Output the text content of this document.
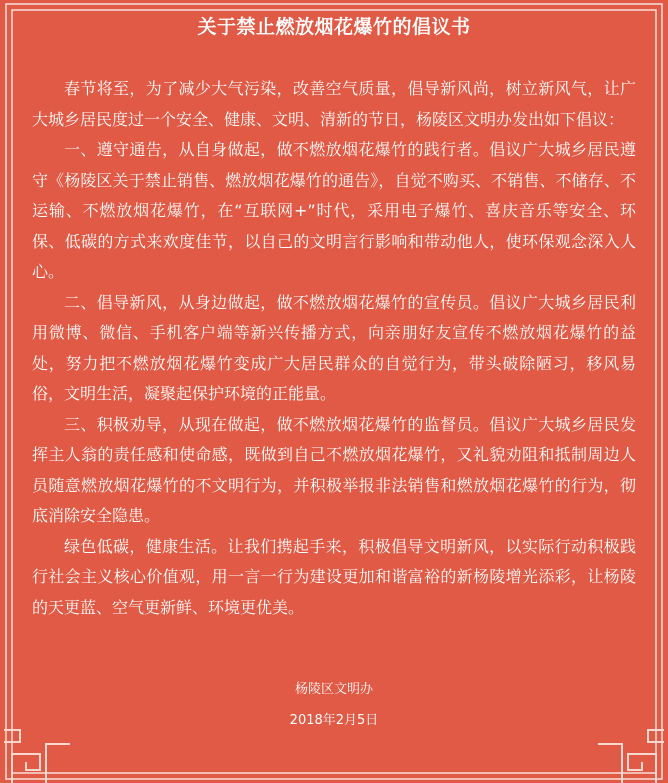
关于禁止燃放烟花爆竹的倡议书

春节将至，为了减少大气污染，改善空气质量，倡导新风尚，树立新风气，让广大城乡居民度过一个安全、健康、文明、清新的节日，杨陵区文明办发出如下倡议：

一、遵守通告，从自身做起，做不燃放烟花爆竹的践行者。倡议广大城乡居民遵守《杨陵区关于禁止销售、燃放烟花爆竹的通告》，自觉不购买、不销售、不储存、不运输、不燃放烟花爆竹，在“互联网+”时代，采用电子爆竹、喜庆音乐等安全、环保、低碳的方式来欢度佳节，以自己的文明言行影响和带动他人，使环保观念深入人心。

二、倡导新风，从身边做起，做不燃放烟花爆竹的宣传员。倡议广大城乡居民利用微博、微信、手机客户端等新兴传播方式，向亲朋好友宣传不燃放烟花爆竹的益处，努力把不燃放烟花爆竹变成广大居民群众的自觉行为，带头破除陋习，移风易俗，文明生活，凝聚起保护环境的正能量。

三、积极劝导，从现在做起，做不燃放烟花爆竹的监督员。倡议广大城乡居民发挥主人翁的责任感和使命感，既做到自己不燃放烟花爆竹，又礼貌劝阻和抵制周边人员随意燃放烟花爆竹的不文明行为，并积极举报非法销售和燃放烟花爆竹的行为，彻底消除安全隐患。

绿色低碳，健康生活。让我们携起手来，积极倡导文明新风，以实际行动积极践行社会主义核心价值观，用一言一行为建设更加和谐富裕的新杨陵增光添彩，让杨陵的天更蓝、空气更新鲜、环境更优美。

杨陵区文明办
2018年2月5日
